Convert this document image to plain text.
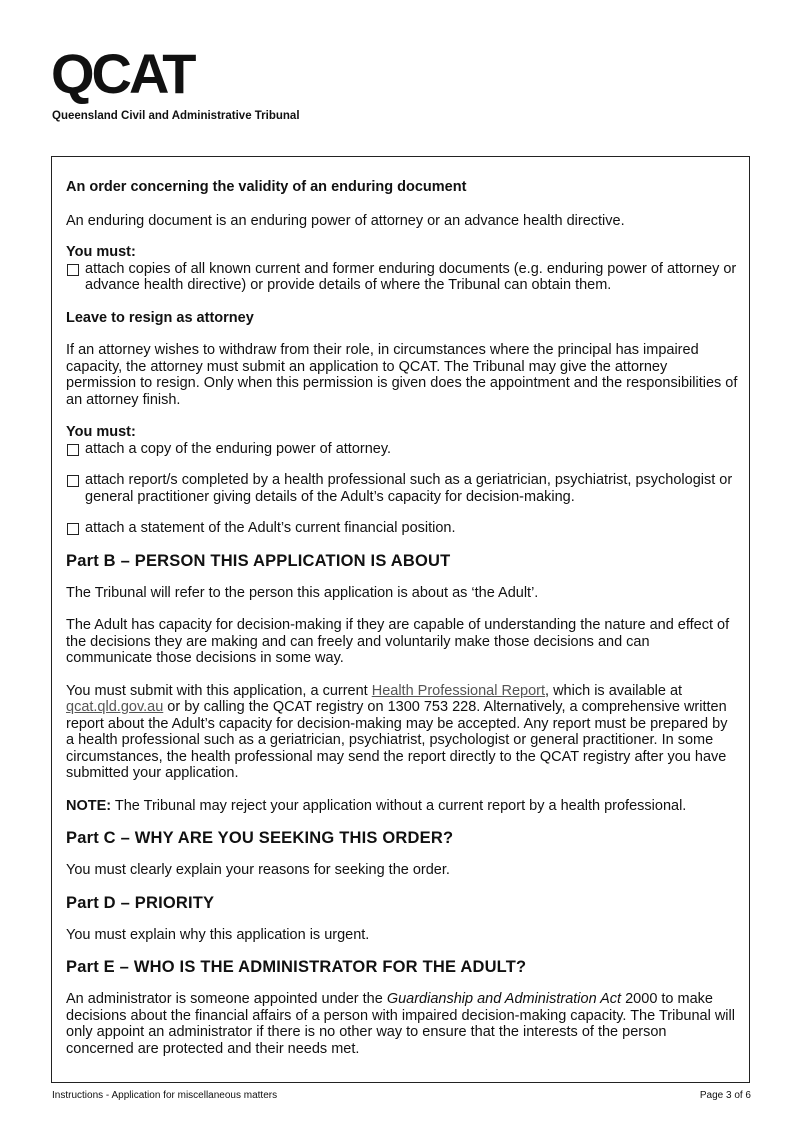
QCAT
Queensland Civil and Administrative Tribunal

An order concerning the validity of an enduring document

An enduring document is an enduring power of attorney or an advance health directive.

You must:

attach copies of all known current and former enduring documents (e.g. enduring power of attorney or advance health directive) or provide details of where the Tribunal can obtain them.

Leave to resign as attorney

If an attorney wishes to withdraw from their role, in circumstances where the principal has impaired capacity, the attorney must submit an application to QCAT. The Tribunal may give the attorney permission to resign. Only when this permission is given does the appointment and the responsibilities of an attorney finish.

You must:

attach a copy of the enduring power of attorney.
attach report/s completed by a health professional such as a geriatrician, psychiatrist, psychologist or general practitioner giving details of the Adult’s capacity for decision-making.
attach a statement of the Adult’s current financial position.

Part B – PERSON THIS APPLICATION IS ABOUT

The Tribunal will refer to the person this application is about as ‘the Adult’.

The Adult has capacity for decision-making if they are capable of understanding the nature and effect of the decisions they are making and can freely and voluntarily make those decisions and can communicate those decisions in some way.

You must submit with this application, a current Health Professional Report, which is available at qcat.qld.gov.au or by calling the QCAT registry on 1300 753 228. Alternatively, a comprehensive written report about the Adult’s capacity for decision-making may be accepted. Any report must be prepared by a health professional such as a geriatrician, psychiatrist, psychologist or general practitioner. In some circumstances, the health professional may send the report directly to the QCAT registry after you have submitted your application.

NOTE: The Tribunal may reject your application without a current report by a health professional.

Part C – WHY ARE YOU SEEKING THIS ORDER?

You must clearly explain your reasons for seeking the order.

Part D – PRIORITY

You must explain why this application is urgent.

Part E – WHO IS THE ADMINISTRATOR FOR THE ADULT?

An administrator is someone appointed under the Guardianship and Administration Act 2000 to make decisions about the financial affairs of a person with impaired decision-making capacity. The Tribunal will only appoint an administrator if there is no other way to ensure that the interests of the person concerned are protected and their needs met.

Instructions - Application for miscellaneous matters	Page 3 of 6
